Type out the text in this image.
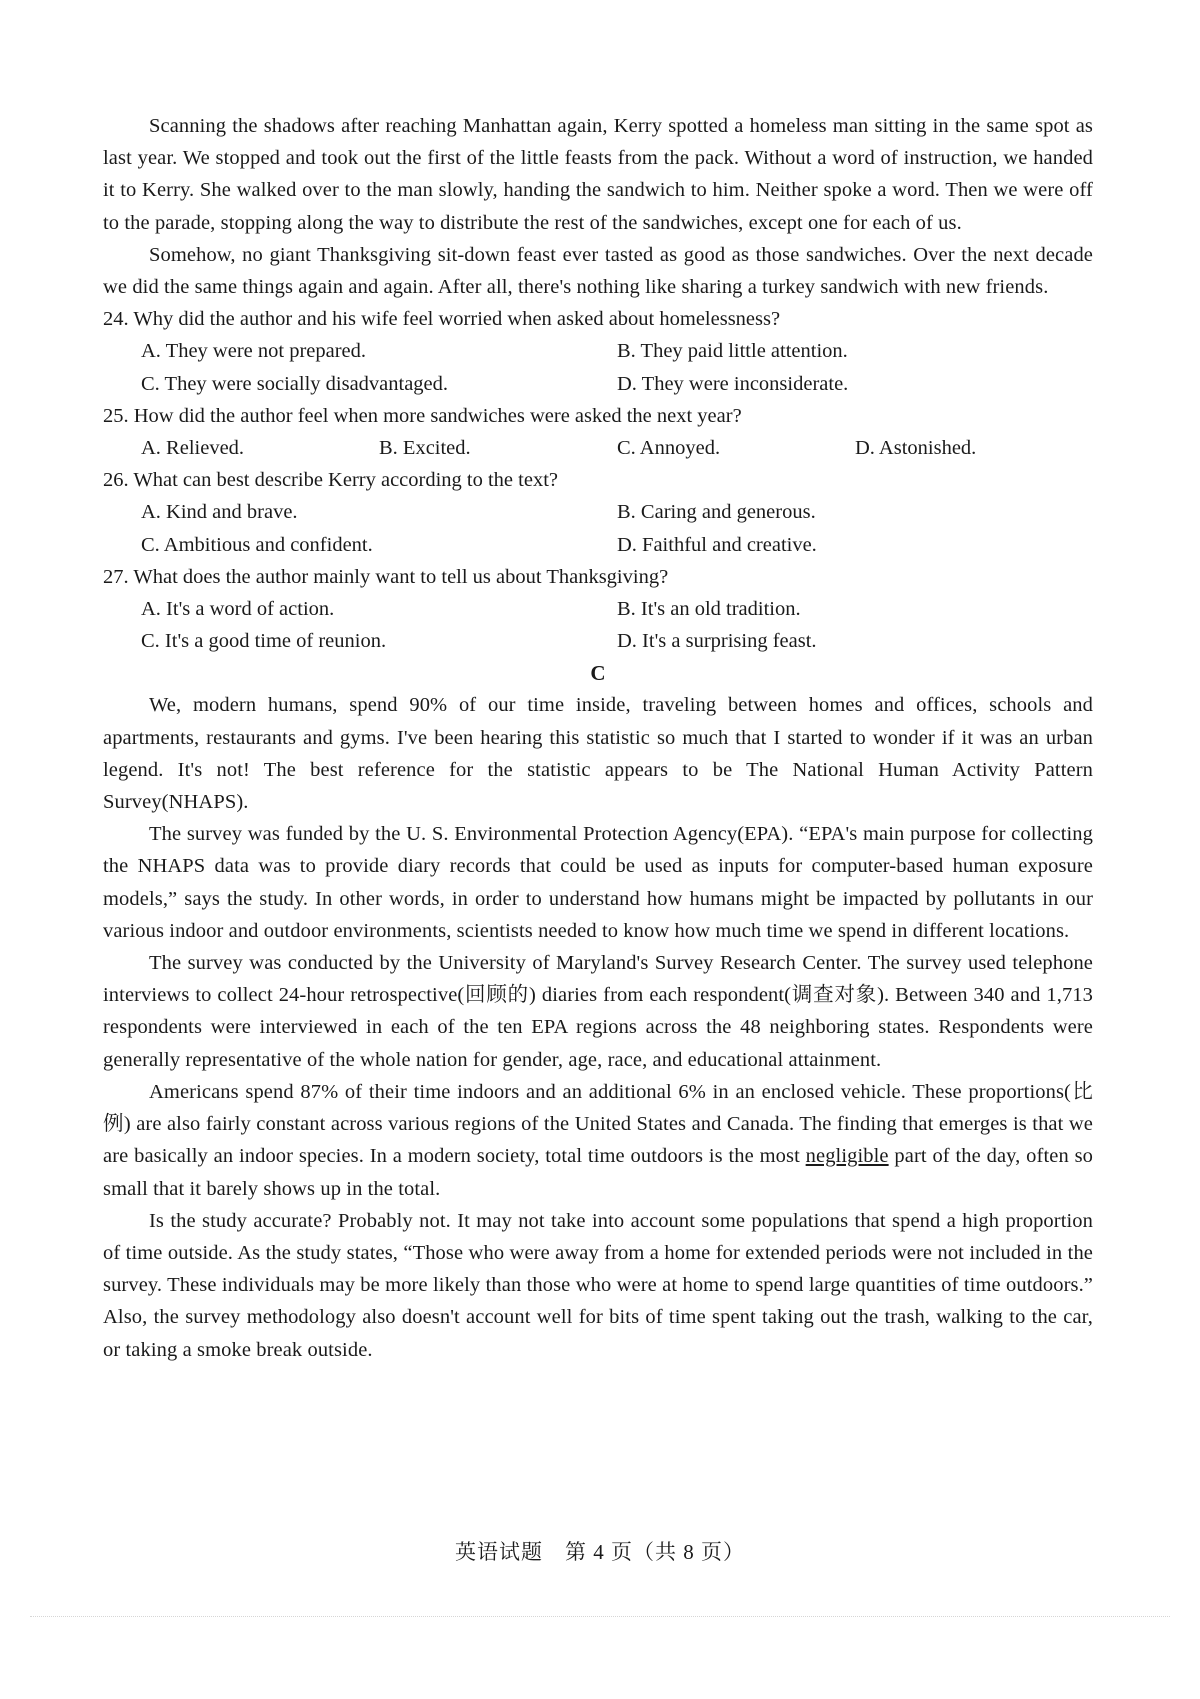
Scanning the shadows after reaching Manhattan again, Kerry spotted a homeless man sitting in the same spot as last year. We stopped and took out the first of the little feasts from the pack. Without a word of instruction, we handed it to Kerry. She walked over to the man slowly, handing the sandwich to him. Neither spoke a word. Then we were off to the parade, stopping along the way to distribute the rest of the sandwiches, except one for each of us.

Somehow, no giant Thanksgiving sit-down feast ever tasted as good as those sandwiches. Over the next decade we did the same things again and again. After all, there's nothing like sharing a turkey sandwich with new friends.

24. Why did the author and his wife feel worried when asked about homelessness?

A. They were not prepared.	B. They paid little attention.
C. They were socially disadvantaged.	D. They were inconsiderate.

25. How did the author feel when more sandwiches were asked the next year?

A. Relieved.	B. Excited.	C. Annoyed.	D. Astonished.

26. What can best describe Kerry according to the text?

A. Kind and brave.	B. Caring and generous.
C. Ambitious and confident.	D. Faithful and creative.

27. What does the author mainly want to tell us about Thanksgiving?

A. It's a word of action.	B. It's an old tradition.
C. It's a good time of reunion.	D. It's a surprising feast.

C

We, modern humans, spend 90% of our time inside, traveling between homes and offices, schools and apartments, restaurants and gyms. I've been hearing this statistic so much that I started to wonder if it was an urban legend. It's not! The best reference for the statistic appears to be The National Human Activity Pattern Survey(NHAPS).

The survey was funded by the U. S. Environmental Protection Agency(EPA). “EPA's main purpose for collecting the NHAPS data was to provide diary records that could be used as inputs for computer-based human exposure models,” says the study. In other words, in order to understand how humans might be impacted by pollutants in our various indoor and outdoor environments, scientists needed to know how much time we spend in different locations.

The survey was conducted by the University of Maryland's Survey Research Center. The survey used telephone interviews to collect 24-hour retrospective(回顾的) diaries from each respondent(调查对象). Between 340 and 1,713 respondents were interviewed in each of the ten EPA regions across the 48 neighboring states. Respondents were generally representative of the whole nation for gender, age, race, and educational attainment.

Americans spend 87% of their time indoors and an additional 6% in an enclosed vehicle. These proportions(比例) are also fairly constant across various regions of the United States and Canada. The finding that emerges is that we are basically an indoor species. In a modern society, total time outdoors is the most negligible part of the day, often so small that it barely shows up in the total.

Is the study accurate? Probably not. It may not take into account some populations that spend a high proportion of time outside. As the study states, “Those who were away from a home for extended periods were not included in the survey. These individuals may be more likely than those who were at home to spend large quantities of time outdoors.” Also, the survey methodology also doesn't account well for bits of time spent taking out the trash, walking to the car, or taking a smoke break outside.

英语试题　第 4 页（共 8 页）
